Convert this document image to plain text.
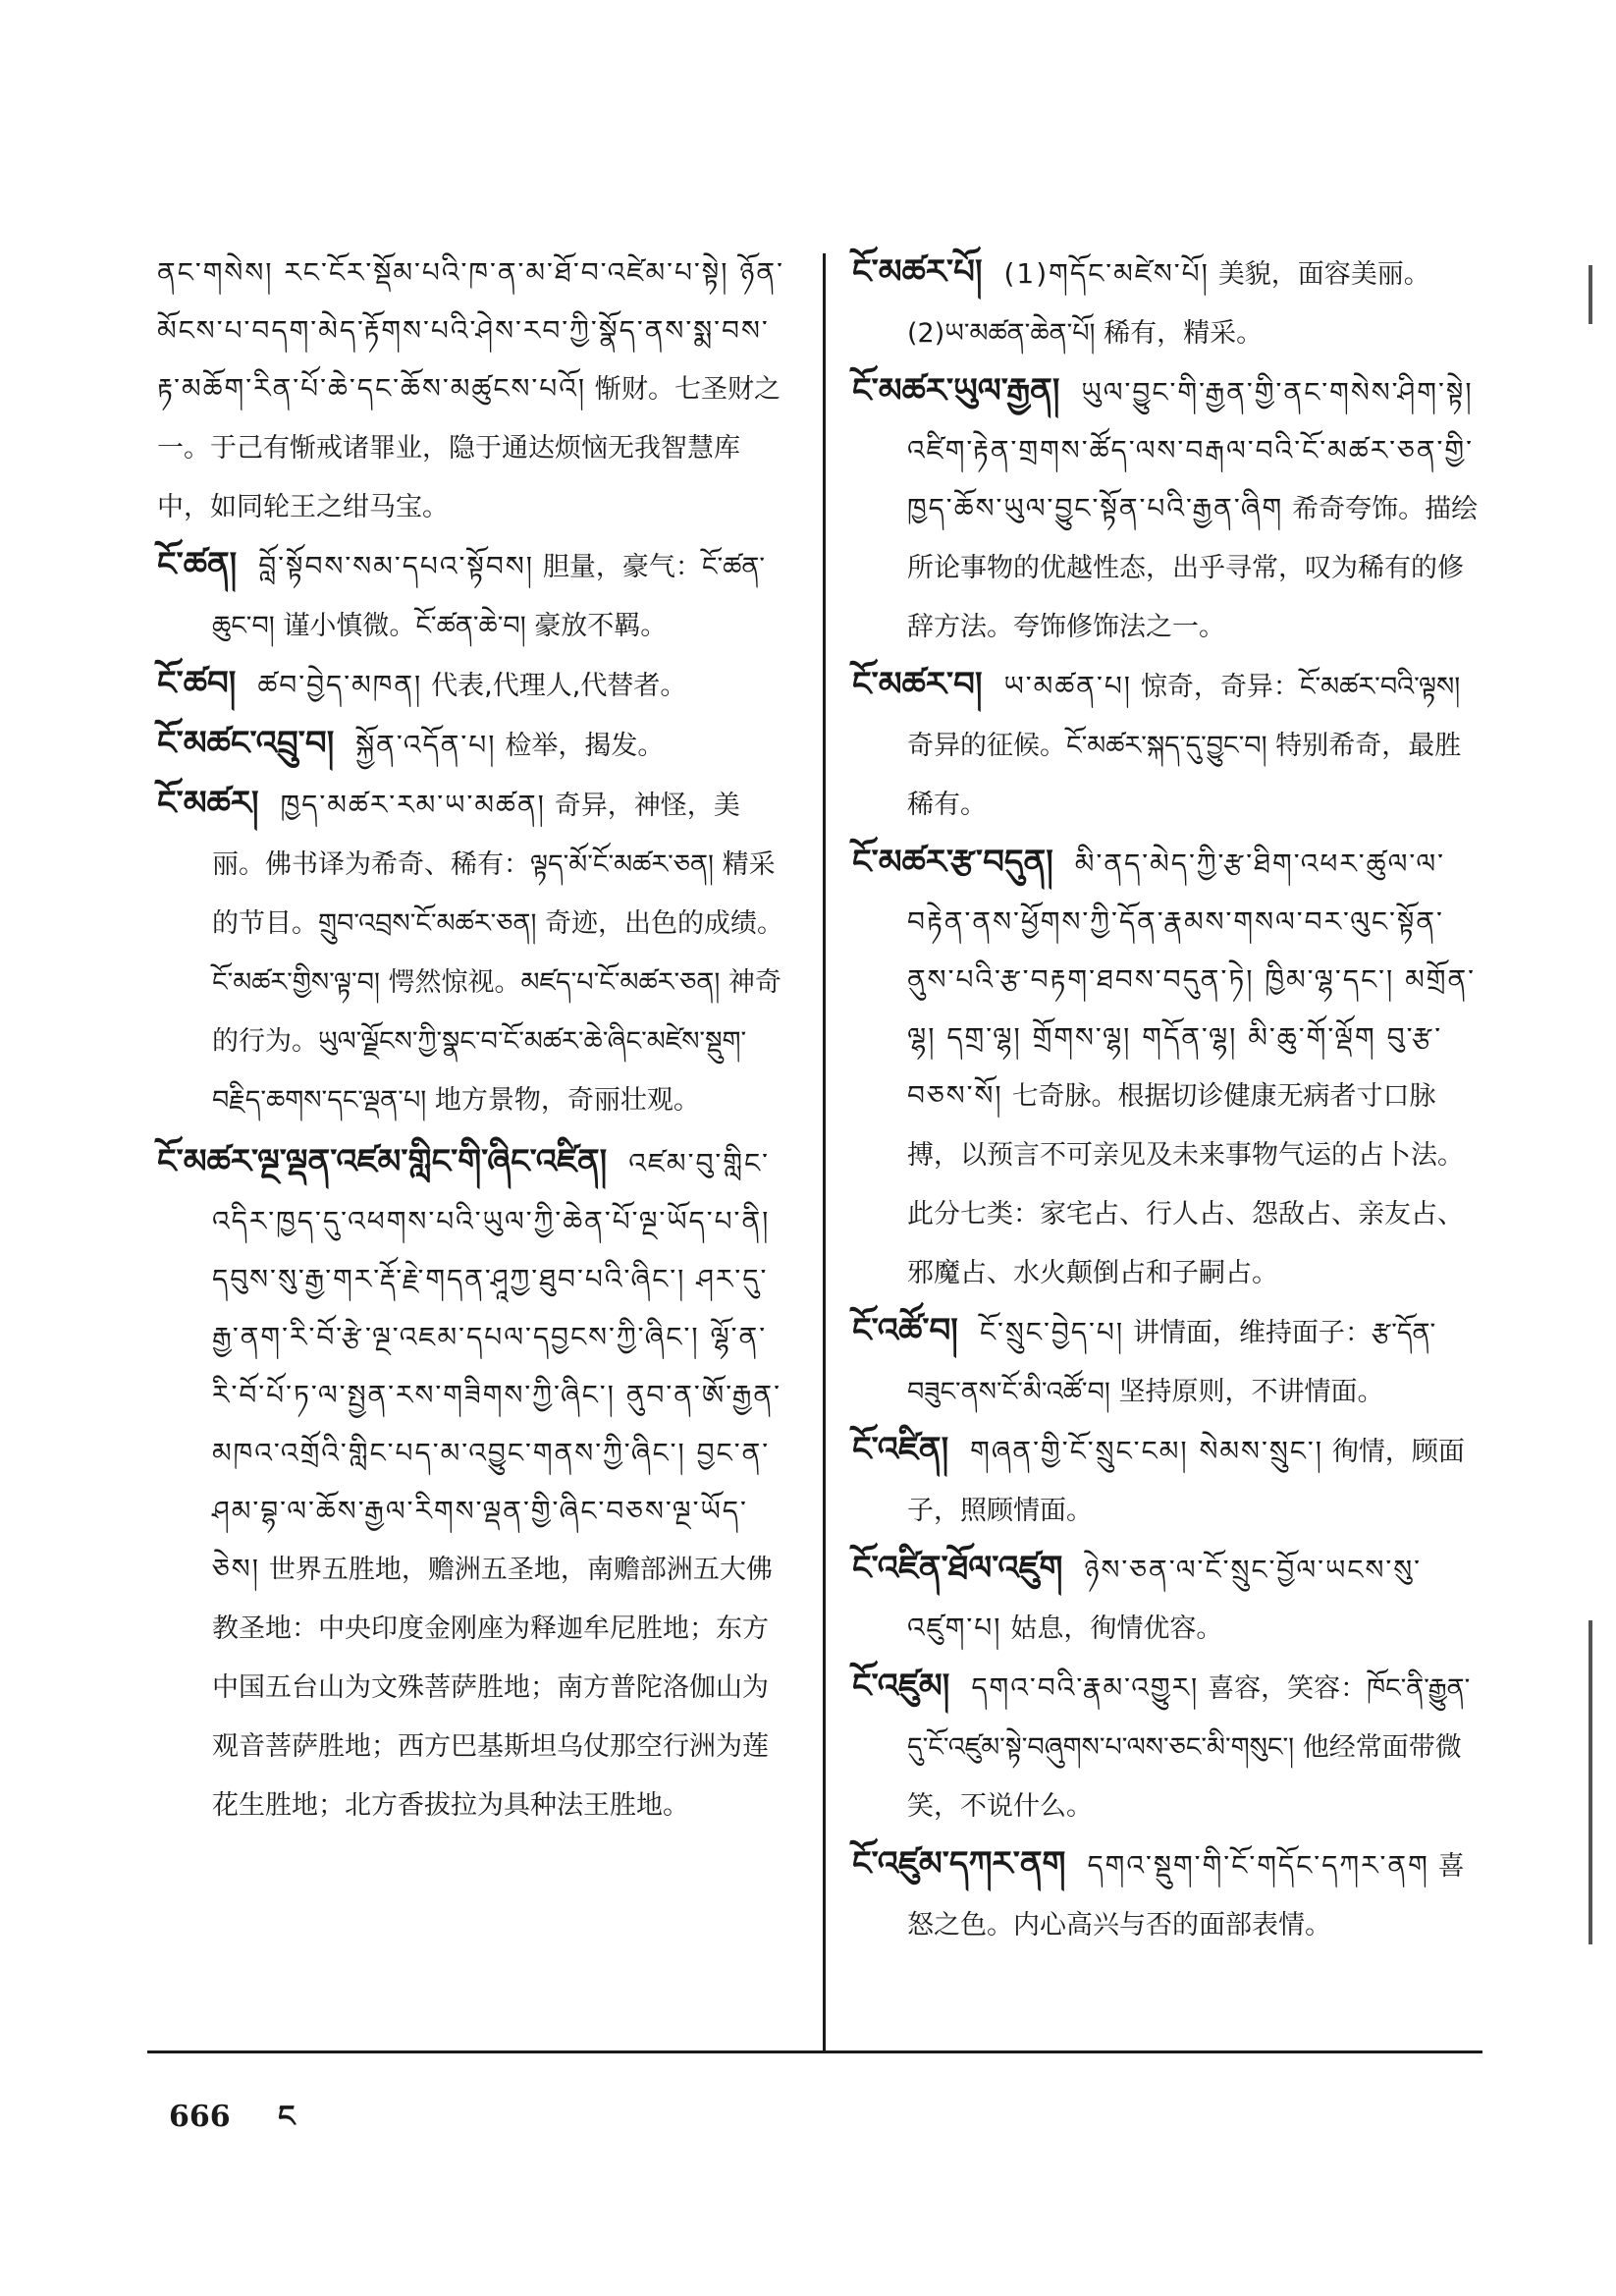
ནང་གསེས། རང་ངོར་སྡོམ་པའི་ཁ་ན་མ་ཐོ་བ་འཛེམ་པ་སྟེ། ཉོན་མོངས་པ་བདག་མེད་རྟོགས་པའི་ཤེས་རབ་ཀྱི་སྣོད་ནས་སྨ་བས་རྟ་མཆོག་རིན་པོ་ཆེ་དང་ཆོས་མཚུངས་པའོ། 惭财。七圣财之一。于己有惭戒诸罪业，隐于通达烦恼无我智慧库中，如同轮王之绀马宝。

ངོ་ཚན། བློ་སྟོབས་སམ་དཔའ་སྟོབས། 胆量，豪气：ངོ་ཚན་ཆུང་བ། 谨小慎微。ངོ་ཚན་ཆེ་བ། 豪放不羁。

ངོ་ཚབ། ཚབ་བྱེད་མཁན། 代表,代理人,代替者。

ངོ་མཚང་འབྲུ་བ། སྐྱོན་འདོན་པ། 检举，揭发。

ངོ་མཚར། ཁྱད་མཚར་རམ་ཡ་མཚན། 奇异，神怪，美丽。佛书译为希奇、稀有：ལྟད་མོ་ངོ་མཚར་ཅན། 精采的节目。གྲུབ་འབྲས་ངོ་མཚར་ཅན། 奇迹，出色的成绩。ངོ་མཚར་གྱིས་ལྟ་བ། 愕然惊视。མཛད་པ་ངོ་མཚར་ཅན། 神奇的行为。ཡུལ་ལྗོངས་ཀྱི་སྣང་བ་ངོ་མཚར་ཆེ་ཞིང་མཛེས་སྡུག་བརྗིད་ཆགས་དང་ལྡན་པ། 地方景物，奇丽壮观。

ངོ་མཚར་ལྔ་ལྡན་འཛམ་གླིང་གི་ཞིང་འཛིན། འཛམ་བུ་གླིང་འདིར་ཁྱད་དུ་འཕགས་པའི་ཡུལ་ཀྱི་ཆེན་པོ་ལྔ་ཡོད་པ་ནི། དབུས་སུ་རྒྱ་གར་རྡོ་རྗེ་གདན་ཤཱཀྱ་ཐུབ་པའི་ཞིང་། ཤར་དུ་རྒྱ་ནག་རི་བོ་རྩེ་ལྔ་འཇམ་དཔལ་དབྱངས་ཀྱི་ཞིང་། ལྷོ་ན་རི་བོ་པོ་ཏ་ལ་སྤྱན་རས་གཟིགས་ཀྱི་ཞིང་། ནུབ་ན་ཨོ་རྒྱན་མཁའ་འགྲོའི་གླིང་པད་མ་འབྱུང་གནས་ཀྱི་ཞིང་། བྱང་ན་ཤམ་བྷ་ལ་ཆོས་རྒྱལ་རིགས་ལྡན་གྱི་ཞིང་བཅས་ལྔ་ཡོད་ཅེས། 世界五胜地，赡洲五圣地，南赡部洲五大佛教圣地：中央印度金刚座为释迦牟尼胜地；东方中国五台山为文殊菩萨胜地；南方普陀洛伽山为观音菩萨胜地；西方巴基斯坦乌仗那空行洲为莲花生胜地；北方香拔拉为具种法王胜地。

ངོ་མཚར་པོ། (1)གདོང་མཛེས་པོ། 美貌，面容美丽。(2)ཡ་མཚན་ཆེན་པོ། 稀有，精采。

ངོ་མཚར་ཡུལ་རྒྱན། ཡུལ་བྱུང་གི་རྒྱན་གྱི་ནང་གསེས་ཤིག་སྟེ། འཛིག་རྟེན་གྲགས་ཚོད་ལས་བརྒལ་བའི་ངོ་མཚར་ཅན་གྱི་ཁྱད་ཆོས་ཡུལ་བྱུང་སྟོན་པའི་རྒྱན་ཞིག 希奇夸饰。描绘所论事物的优越性态，出乎寻常，叹为稀有的修辞方法。夸饰修饰法之一。

ངོ་མཚར་བ། ཡ་མཚན་པ། 惊奇，奇异：ངོ་མཚར་བའི་ལྟས། 奇异的征候。ངོ་མཚར་སྐད་དུ་བྱུང་བ། 特别希奇，最胜稀有。

ངོ་མཚར་རྩ་བདུན། མི་ནད་མེད་ཀྱི་རྩ་ཐིག་འཕར་ཚུལ་ལ་བརྟེན་ནས་ཕྱོགས་ཀྱི་དོན་རྣམས་གསལ་བར་ལུང་སྟོན་ནུས་པའི་རྩ་བརྟག་ཐབས་བདུན་ཏེ། ཁྱིམ་ལྷ་དང་། མགྲོན་ལྷ། དགྲ་ལྷ། གྲོགས་ལྷ། གདོན་ལྷ། མི་ཆུ་གོ་ལྡོག བུ་རྩ་བཅས་སོ། 七奇脉。根据切诊健康无病者寸口脉搏，以预言不可亲见及未来事物气运的占卜法。此分七类：家宅占、行人占、怨敌占、亲友占、邪魔占、水火颠倒占和子嗣占。

ངོ་འཚོ་བ། ངོ་སྲུང་བྱེད་པ། 讲情面，维持面子：རྩ་དོན་བཟུང་ནས་ངོ་མི་འཚོ་བ། 坚持原则，不讲情面。

ངོ་འཛིན། གཞན་གྱི་ངོ་སྲུང་ངམ། སེམས་སྲུང་། 徇情，顾面子，照顾情面。

ངོ་འཛིན་ཐོལ་འཛུག ཉེས་ཅན་ལ་ངོ་སྲུང་བྱོལ་ཡངས་སུ་འཛུག་པ། 姑息，徇情优容。

ངོ་འཛུམ། དགའ་བའི་རྣམ་འགྱུར། 喜容，笑容：ཁོང་ནི་རྒྱུན་དུ་ངོ་འཛུམ་སྟེ་བཞུགས་པ་ལས་ཅང་མི་གསུང་། 他经常面带微笑，不说什么。

ངོ་འཛུམ་དཀར་ནག དགའ་སྡུག་གི་ངོ་གདོང་དཀར་ནག 喜怒之色。内心高兴与否的面部表情。

666 ང
